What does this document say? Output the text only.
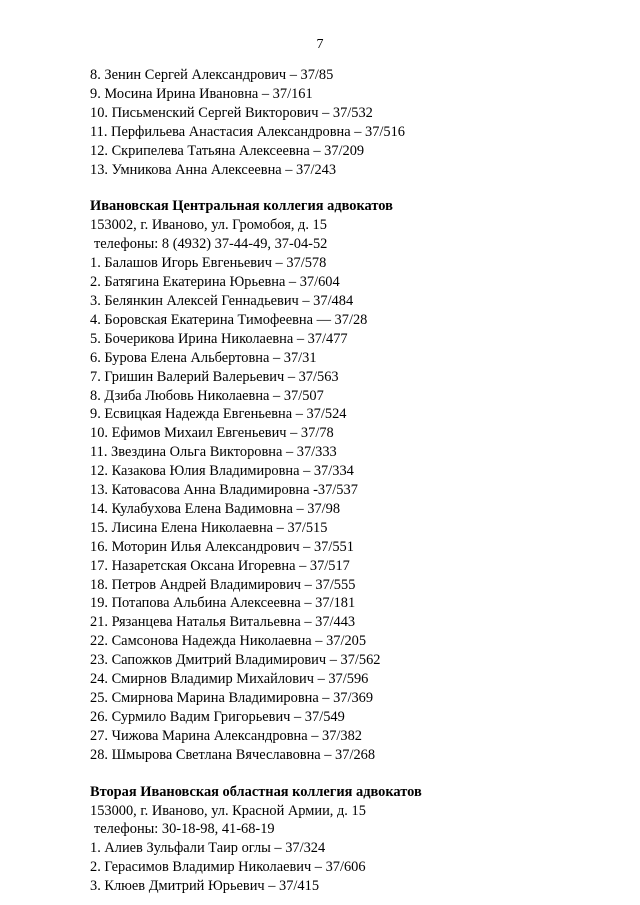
7
8. Зенин Сергей Александрович – 37/85
9. Мосина Ирина Ивановна – 37/161
10. Письменский Сергей Викторович – 37/532
11. Перфильева Анастасия Александровна – 37/516
12. Скрипелева Татьяна Алексеевна – 37/209
13. Умникова Анна Алексеевна – 37/243
Ивановская Центральная коллегия адвокатов
153002, г. Иваново, ул. Громобоя, д. 15
телефоны: 8 (4932) 37-44-49, 37-04-52
1. Балашов Игорь Евгеньевич – 37/578
2. Батягина Екатерина Юрьевна – 37/604
3. Белянкин Алексей Геннадьевич – 37/484
4. Боровская Екатерина Тимофеевна — 37/28
5. Бочерикова Ирина Николаевна – 37/477
6. Бурова Елена Альбертовна – 37/31
7. Гришин Валерий Валерьевич – 37/563
8. Дзиба Любовь Николаевна – 37/507
9. Есвицкая Надежда Евгеньевна – 37/524
10. Ефимов Михаил Евгеньевич – 37/78
11. Звездина Ольга Викторовна – 37/333
12. Казакова Юлия Владимировна – 37/334
13. Катовасова Анна Владимировна -37/537
14. Кулабухова Елена Вадимовна – 37/98
15. Лисина Елена Николаевна – 37/515
16. Моторин Илья Александрович – 37/551
17. Назаретская Оксана Игоревна – 37/517
18. Петров Андрей Владимирович – 37/555
19. Потапова Альбина Алексеевна – 37/181
21. Рязанцева Наталья Витальевна – 37/443
22. Самсонова Надежда Николаевна – 37/205
23. Сапожков Дмитрий Владимирович – 37/562
24. Смирнов Владимир Михайлович – 37/596
25. Смирнова Марина Владимировна – 37/369
26. Сурмило Вадим Григорьевич – 37/549
27. Чижова Марина Александровна – 37/382
28. Шмырова Светлана Вячеславовна – 37/268
Вторая Ивановская областная коллегия адвокатов
153000, г. Иваново, ул. Красной Армии, д. 15
телефоны: 30-18-98, 41-68-19
1. Алиев Зульфали Таир оглы – 37/324
2. Герасимов Владимир Николаевич – 37/606
3. Клюев Дмитрий Юрьевич – 37/415
